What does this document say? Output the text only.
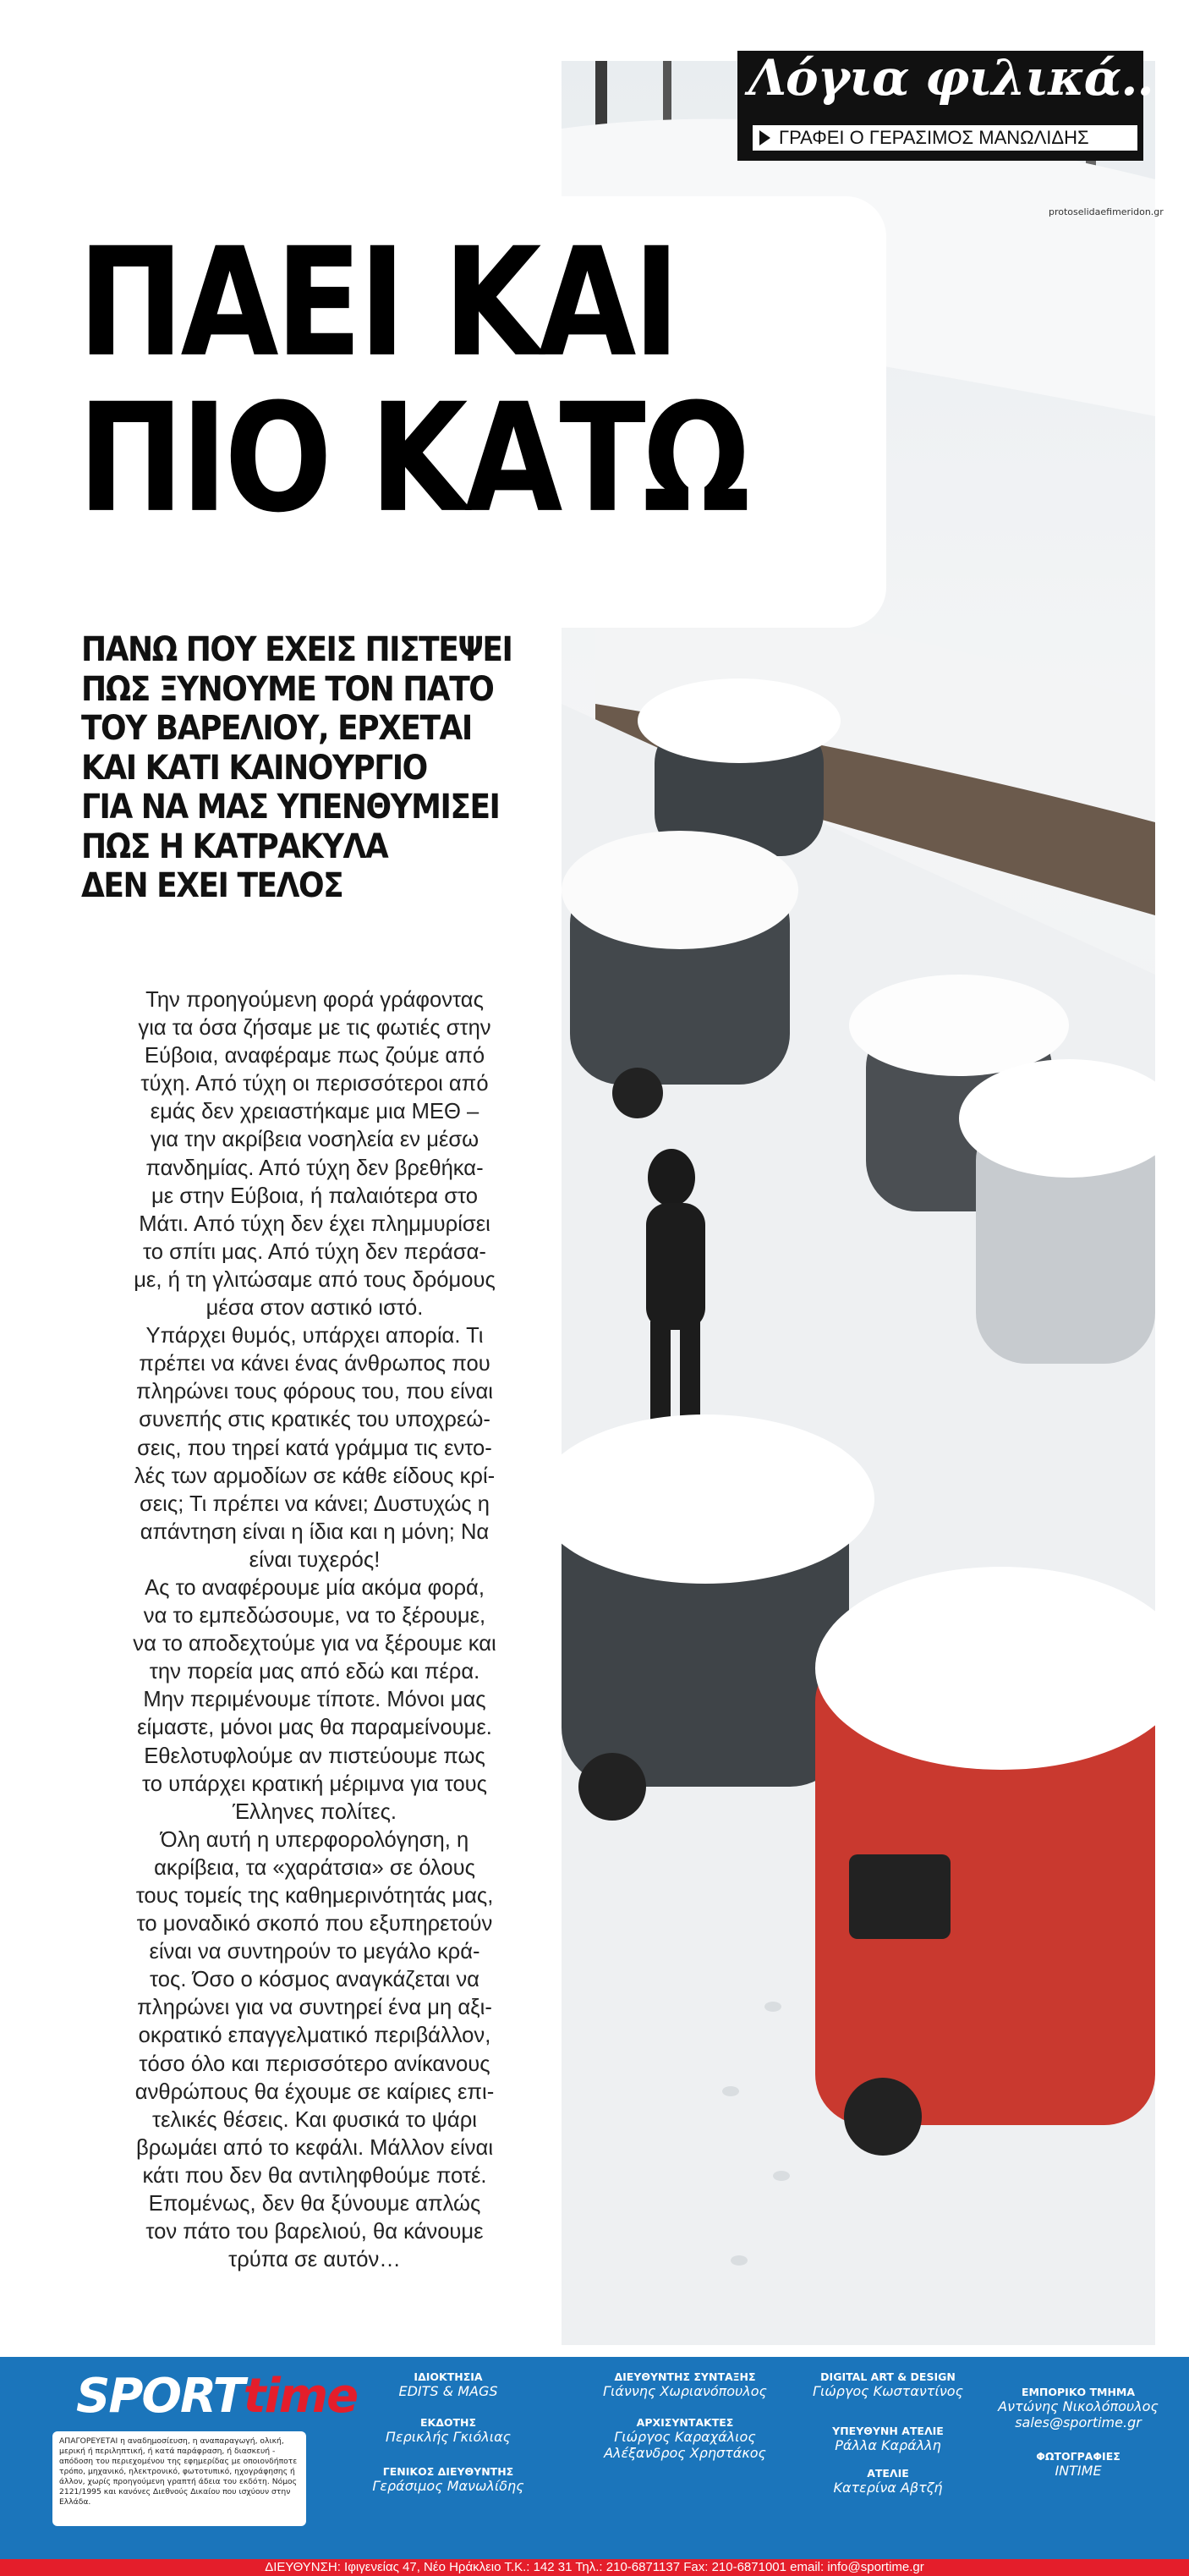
Λόγια φιλικά...
ΓΡΑΦΕΙ Ο ΓΕΡΑΣΙΜΟΣ ΜΑΝΩΛΙΔΗΣ
protoselidaefimeridon.gr
ΠΑΕΙ ΚΑΙ
ΠΙΟ ΚΑΤΩ
ΠΑΝΩ ΠΟΥ ΕΧΕΙΣ ΠΙΣΤΕΨΕΙ
ΠΩΣ ΞΥΝΟΥΜΕ ΤΟΝ ΠΑΤΟ
ΤΟΥ ΒΑΡΕΛΙΟΥ, ΕΡΧΕΤΑΙ
ΚΑΙ ΚΑΤΙ ΚΑΙΝΟΥΡΓΙΟ
ΓΙΑ ΝΑ ΜΑΣ ΥΠΕΝΘΥΜΙΣΕΙ
ΠΩΣ Η ΚΑΤΡΑΚΥΛΑ
ΔΕΝ ΕΧΕΙ ΤΕΛΟΣ
Την προηγούμενη φορά γράφοντας
για τα όσα ζήσαμε με τις φωτιές στην
Εύβοια, αναφέραμε πως ζούμε από
τύχη. Από τύχη οι περισσότεροι από
εμάς δεν χρειαστήκαμε μια ΜΕΘ –
για την ακρίβεια νοσηλεία εν μέσω
πανδημίας. Από τύχη δεν βρεθήκα-
με στην Εύβοια, ή παλαιότερα στο
Μάτι. Από τύχη δεν έχει πλημμυρίσει
το σπίτι μας. Από τύχη δεν περάσα-
με, ή τη γλιτώσαμε από τους δρόμους
μέσα στον αστικό ιστό.
Υπάρχει θυμός, υπάρχει απορία. Τι
πρέπει να κάνει ένας άνθρωπος που
πληρώνει τους φόρους του, που είναι
συνεπής στις κρατικές του υποχρεώ-
σεις, που τηρεί κατά γράμμα τις εντο-
λές των αρμοδίων σε κάθε είδους κρί-
σεις; Τι πρέπει να κάνει; Δυστυχώς η
απάντηση είναι η ίδια και η μόνη; Να
είναι τυχερός!
Ας το αναφέρουμε μία ακόμα φορά,
να το εμπεδώσουμε, να το ξέρουμε,
να το αποδεχτούμε για να ξέρουμε και
την πορεία μας από εδώ και πέρα.
Μην περιμένουμε τίποτε. Μόνοι μας
είμαστε, μόνοι μας θα παραμείνουμε.
Εθελοτυφλούμε αν πιστεύουμε πως
το υπάρχει κρατική μέριμνα για τους
Έλληνες πολίτες.
Όλη αυτή η υπερφορολόγηση, η
ακρίβεια, τα «χαράτσια» σε όλους
τους τομείς της καθημερινότητάς μας,
το μοναδικό σκοπό που εξυπηρετούν
είναι να συντηρούν το μεγάλο κρά-
τος. Όσο ο κόσμος αναγκάζεται να
πληρώνει για να συντηρεί ένα μη αξι-
οκρατικό επαγγελματικό περιβάλλον,
τόσο όλο και περισσότερο ανίκανους
ανθρώπους θα έχουμε σε καίριες επι-
τελικές θέσεις. Και φυσικά το ψάρι
βρωμάει από το κεφάλι. Μάλλον είναι
κάτι που δεν θα αντιληφθούμε ποτέ.
Επομένως, δεν θα ξύνουμε απλώς
τον πάτο του βαρελιού, θα κάνουμε
τρύπα σε αυτόν…
SPORTtime
ΑΠΑΓΟΡΕΥΕΤΑΙ η αναδημοσίευση, η αναπαραγωγή, ολική, μερική ή περιληπτική, ή κατά παράφραση, ή διασκευή - απόδοση του περιεχομένου της εφημερίδας με οποιονδήποτε τρόπο, μηχανικό, ηλεκτρονικό, φωτοτυπικό, ηχογράφησης ή άλλον, χωρίς προηγούμενη γραπτή άδεια του εκδότη. Νόμος 2121/1995 και κανόνες Διεθνούς Δικαίου που ισχύουν στην Ελλάδα.
ΙΔΙΟΚΤΗΣΙΑ
EDITS & MAGS
ΕΚΔΟΤΗΣ
Περικλής Γκιόλιας
ΓΕΝΙΚΟΣ ΔΙΕΥΘΥΝΤΗΣ
Γεράσιμος Μανωλίδης
ΔΙΕΥΘΥΝΤΗΣ ΣΥΝΤΑΞΗΣ
Γιάννης Χωριανόπουλος
ΑΡΧΙΣΥΝΤΑΚΤΕΣ
Γιώργος Καραχάλιος
Αλέξανδρος Χρηστάκος
DIGITAL ART & DESIGN
Γιώργος Κωσταντίνος
ΥΠΕΥΘΥΝΗ ΑΤΕΛΙΕ
Ράλλα Καράλλη
ΑΤΕΛΙΕ
Κατερίνα Αβτζή
ΕΜΠΟΡΙΚΟ ΤΜΗΜΑ
Αντώνης Νικολόπουλος
sales@sportime.gr
ΦΩΤΟΓΡΑΦΙΕΣ
INTIME
ΔΙΕΥΘΥΝΣΗ: Ιφιγενείας 47, Νέο Ηράκλειο Τ.Κ.: 142 31 Τηλ.: 210-6871137 Fax: 210-6871001 email: info@sportime.gr
